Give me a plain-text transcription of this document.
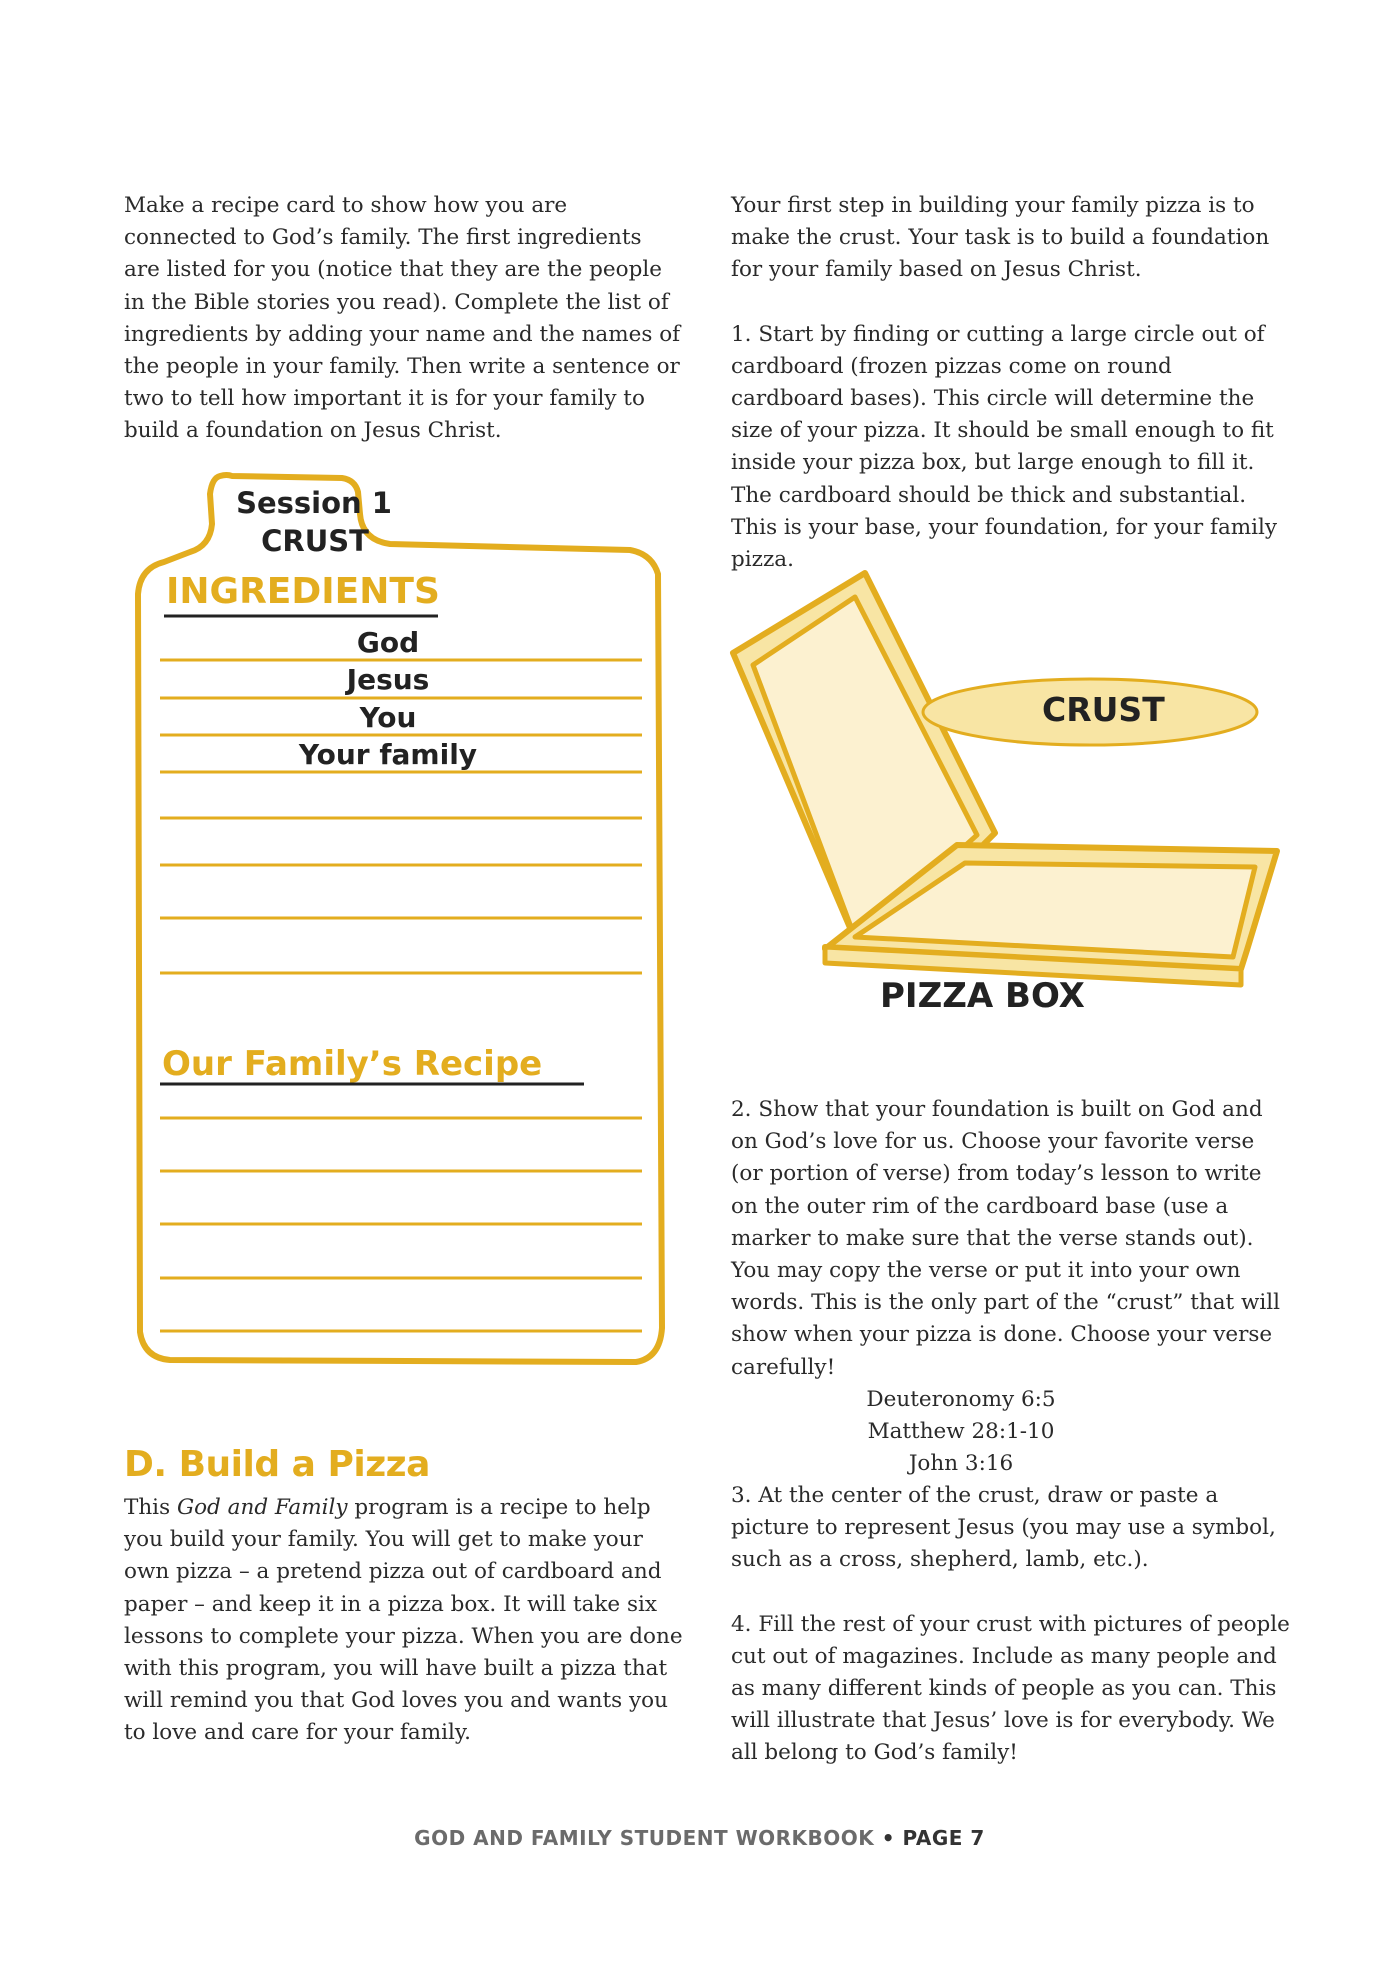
Make a recipe card to show how you are connected to God’s family. The first ingredients are listed for you (notice that they are the people in the Bible stories you read). Complete the list of ingredients by adding your name and the names of the people in your family. Then write a sentence or two to tell how important it is for your family to build a foundation on Jesus Christ.

Session 1
CRUST
INGREDIENTS
God
Jesus
You
Your family
Our Family’s Recipe
D. Build a Pizza

This God and Family program is a recipe to help you build your family. You will get to make your own pizza – a pretend pizza out of cardboard and paper – and keep it in a pizza box. It will take six lessons to complete your pizza. When you are done with this program, you will have built a pizza that will remind you that God loves you and wants you to love and care for your family.

Your first step in building your family pizza is to make the crust. Your task is to build a foundation for your family based on Jesus Christ.

1. Start by finding or cutting a large circle out of cardboard (frozen pizzas come on round cardboard bases). This circle will determine the size of your pizza. It should be small enough to fit inside your pizza box, but large enough to fill it. The cardboard should be thick and substantial. This is your base, your foundation, for your family pizza.

CRUST
PIZZA BOX

2. Show that your foundation is built on God and on God’s love for us. Choose your favorite verse (or portion of verse) from today’s lesson to write on the outer rim of the cardboard base (use a marker to make sure that the verse stands out). You may copy the verse or put it into your own words. This is the only part of the “crust” that will show when your pizza is done. Choose your verse carefully!

Deuteronomy 6:5
Matthew 28:1-10
John 3:16

3. At the center of the crust, draw or paste a picture to represent Jesus (you may use a symbol, such as a cross, shepherd, lamb, etc.).

4. Fill the rest of your crust with pictures of people cut out of magazines. Include as many people and as many different kinds of people as you can. This will illustrate that Jesus’ love is for everybody. We all belong to God’s family!

GOD AND FAMILY STUDENT WORKBOOK • PAGE 7
